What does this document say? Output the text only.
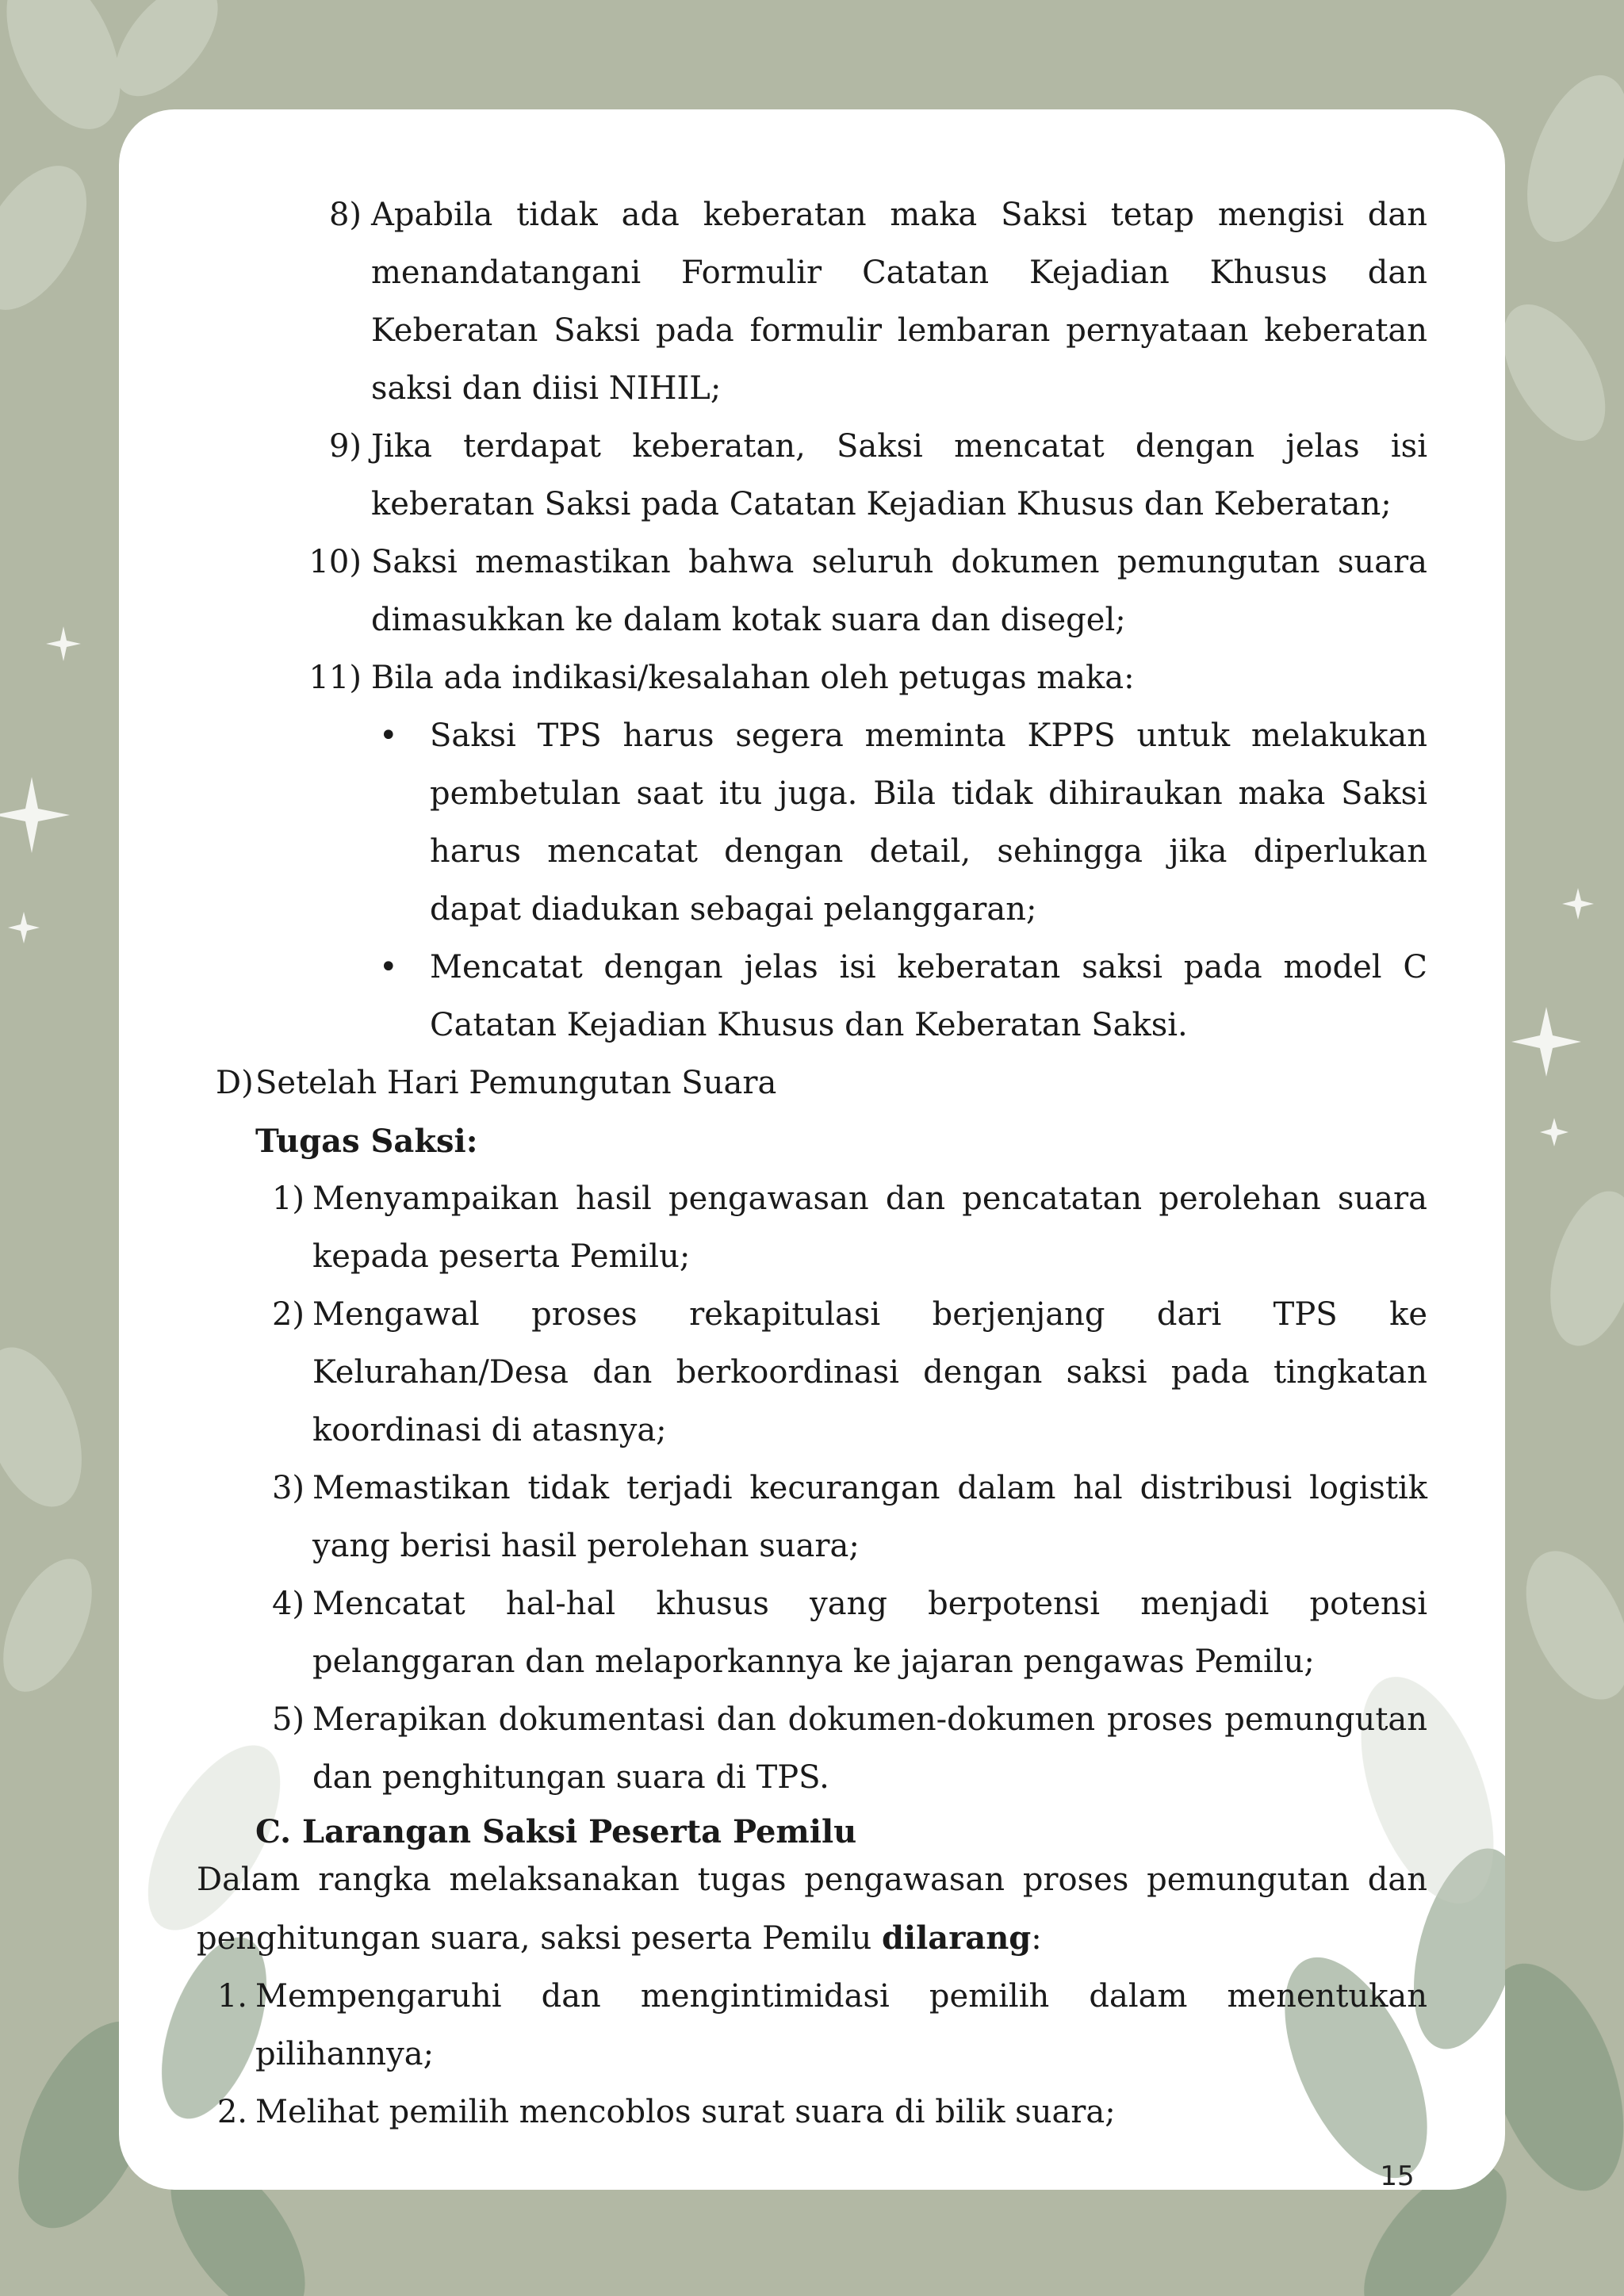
8) Apabila tidak ada keberatan maka Saksi tetap mengisi dan menandatangani Formulir Catatan Kejadian Khusus dan Keberatan Saksi pada formulir lembaran pernyataan keberatan saksi dan diisi NIHIL;
9) Jika terdapat keberatan, Saksi mencatat dengan jelas isi keberatan Saksi pada Catatan Kejadian Khusus dan Keberatan;
10) Saksi memastikan bahwa seluruh dokumen pemungutan suara dimasukkan ke dalam kotak suara dan disegel;
11) Bila ada indikasi/kesalahan oleh petugas maka:
• Saksi TPS harus segera meminta KPPS untuk melakukan pembetulan saat itu juga. Bila tidak dihiraukan maka Saksi harus mencatat dengan detail, sehingga jika diperlukan dapat diadukan sebagai pelanggaran;
• Mencatat dengan jelas isi keberatan saksi pada model C Catatan Kejadian Khusus dan Keberatan Saksi.
D) Setelah Hari Pemungutan Suara
Tugas Saksi:
1) Menyampaikan hasil pengawasan dan pencatatan perolehan suara kepada peserta Pemilu;
2) Mengawal proses rekapitulasi berjenjang dari TPS ke Kelurahan/Desa dan berkoordinasi dengan saksi pada tingkatan koordinasi di atasnya;
3) Memastikan tidak terjadi kecurangan dalam hal distribusi logistik yang berisi hasil perolehan suara;
4) Mencatat hal-hal khusus yang berpotensi menjadi potensi pelanggaran dan melaporkannya ke jajaran pengawas Pemilu;
5) Merapikan dokumentasi dan dokumen-dokumen proses pemungutan dan penghitungan suara di TPS.
C. Larangan Saksi Peserta Pemilu
Dalam rangka melaksanakan tugas pengawasan proses pemungutan dan penghitungan suara, saksi peserta Pemilu dilarang:
1. Mempengaruhi dan mengintimidasi pemilih dalam menentukan pilihannya;
2. Melihat pemilih mencoblos surat suara di bilik suara;
15
